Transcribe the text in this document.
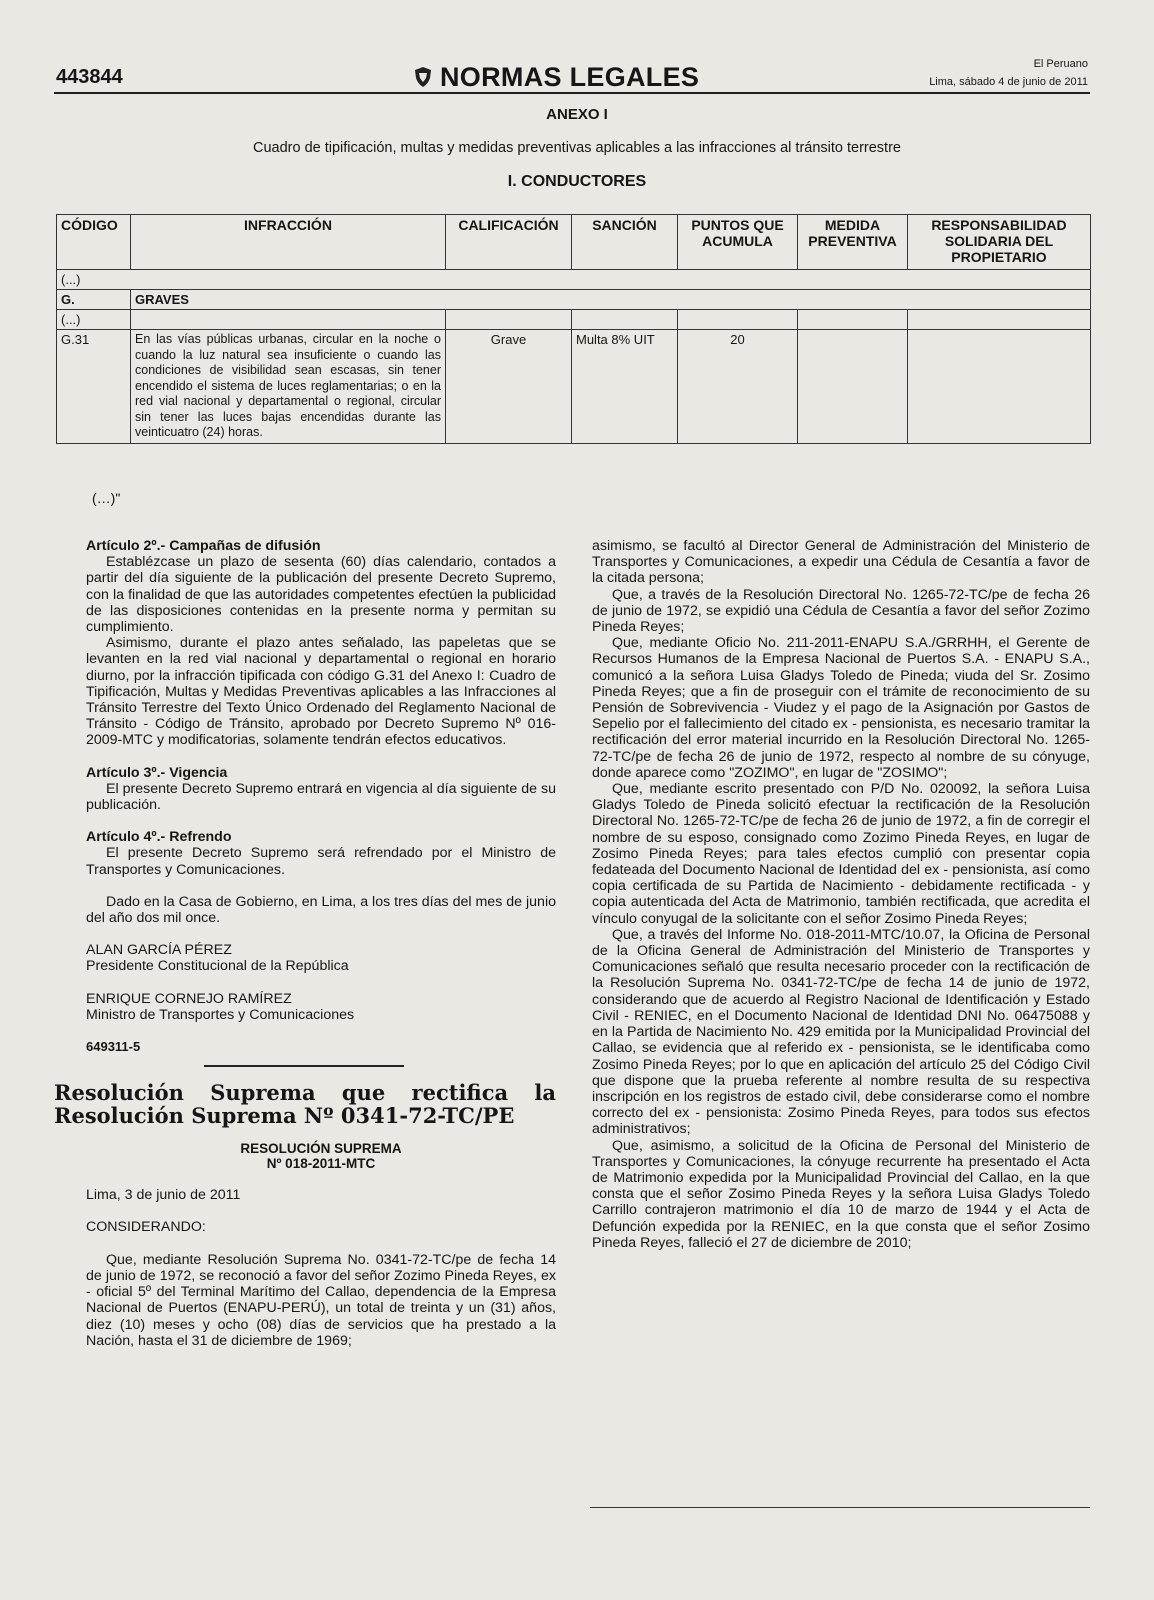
443844	NORMAS LEGALES	El Peruano
Lima, sábado 4 de junio de 2011
ANEXO I
Cuadro de tipificación, multas y medidas preventivas aplicables a las infracciones al tránsito terrestre
I. CONDUCTORES
CÓDIGO	INFRACCIÓN	CALIFICACIÓN	SANCIÓN	PUNTOS QUE ACUMULA	MEDIDA PREVENTIVA	RESPONSABILIDAD SOLIDARIA DEL PROPIETARIO
(...)						
G.	GRAVES					
(...)						
G.31	En las vías públicas urbanas, circular en la noche o cuando la luz natural sea insuficiente o cuando las condiciones de visibilidad sean escasas, sin tener encendido el sistema de luces reglamentarias; o en la red vial nacional y departamental o regional, circular sin tener las luces bajas encendidas durante las veinticuatro (24) horas.	Grave	Multa 8% UIT	20		
(…)"

Artículo 2º.- Campañas de difusión

Establézcase un plazo de sesenta (60) días calendario, contados a partir del día siguiente de la publicación del presente Decreto Supremo, con la finalidad de que las autoridades competentes efectúen la publicidad de las disposiciones contenidas en la presente norma y permitan su cumplimiento.

Asimismo, durante el plazo antes señalado, las papeletas que se levanten en la red vial nacional y departamental o regional en horario diurno, por la infracción tipificada con código G.31 del Anexo I: Cuadro de Tipificación, Multas y Medidas Preventivas aplicables a las Infracciones al Tránsito Terrestre del Texto Único Ordenado del Reglamento Nacional de Tránsito - Código de Tránsito, aprobado por Decreto Supremo Nº 016-2009-MTC y modificatorias, solamente tendrán efectos educativos.

Artículo 3º.- Vigencia

El presente Decreto Supremo entrará en vigencia al día siguiente de su publicación.

Artículo 4º.- Refrendo

El presente Decreto Supremo será refrendado por el Ministro de Transportes y Comunicaciones.

Dado en la Casa de Gobierno, en Lima, a los tres días del mes de junio del año dos mil once.

ALAN GARCÍA PÉREZ

Presidente Constitucional de la República

ENRIQUE CORNEJO RAMÍREZ

Ministro de Transportes y Comunicaciones

649311-5

Resolución Suprema que rectifica la Resolución Suprema Nº 0341-72-TC/PE
RESOLUCIÓN SUPREMA
Nº 018-2011-MTC

Lima, 3 de junio de 2011

CONSIDERANDO:

Que, mediante Resolución Suprema No. 0341-72-TC/pe de fecha 14 de junio de 1972, se reconoció a favor del señor Zozimo Pineda Reyes, ex - oficial 5º del Terminal Marítimo del Callao, dependencia de la Empresa Nacional de Puertos (ENAPU-PERÚ), un total de treinta y un (31) años, diez (10) meses y ocho (08) días de servicios que ha prestado a la Nación, hasta el 31 de diciembre de 1969;

asimismo, se facultó al Director General de Administración del Ministerio de Transportes y Comunicaciones, a expedir una Cédula de Cesantía a favor de la citada persona;

Que, a través de la Resolución Directoral No. 1265-72-TC/pe de fecha 26 de junio de 1972, se expidió una Cédula de Cesantía a favor del señor Zozimo Pineda Reyes;

Que, mediante Oficio No. 211-2011-ENAPU S.A./GRRHH, el Gerente de Recursos Humanos de la Empresa Nacional de Puertos S.A. - ENAPU S.A., comunicó a la señora Luisa Gladys Toledo de Pineda; viuda del Sr. Zosimo Pineda Reyes; que a fin de proseguir con el trámite de reconocimiento de su Pensión de Sobrevivencia - Viudez y el pago de la Asignación por Gastos de Sepelio por el fallecimiento del citado ex - pensionista, es necesario tramitar la rectificación del error material incurrido en la Resolución Directoral No. 1265-72-TC/pe de fecha 26 de junio de 1972, respecto al nombre de su cónyuge, donde aparece como "ZOZIMO", en lugar de "ZOSIMO";

Que, mediante escrito presentado con P/D No. 020092, la señora Luisa Gladys Toledo de Pineda solicitó efectuar la rectificación de la Resolución Directoral No. 1265-72-TC/pe de fecha 26 de junio de 1972, a fin de corregir el nombre de su esposo, consignado como Zozimo Pineda Reyes, en lugar de Zosimo Pineda Reyes; para tales efectos cumplió con presentar copia fedateada del Documento Nacional de Identidad del ex - pensionista, así como copia certificada de su Partida de Nacimiento - debidamente rectificada - y copia autenticada del Acta de Matrimonio, también rectificada, que acredita el vínculo conyugal de la solicitante con el señor Zosimo Pineda Reyes;

Que, a través del Informe No. 018-2011-MTC/10.07, la Oficina de Personal de la Oficina General de Administración del Ministerio de Transportes y Comunicaciones señaló que resulta necesario proceder con la rectificación de la Resolución Suprema No. 0341-72-TC/pe de fecha 14 de junio de 1972, considerando que de acuerdo al Registro Nacional de Identificación y Estado Civil - RENIEC, en el Documento Nacional de Identidad DNI No. 06475088 y en la Partida de Nacimiento No. 429 emitida por la Municipalidad Provincial del Callao, se evidencia que al referido ex - pensionista, se le identificaba como Zosimo Pineda Reyes; por lo que en aplicación del artículo 25 del Código Civil que dispone que la prueba referente al nombre resulta de su respectiva inscripción en los registros de estado civil, debe considerarse como el nombre correcto del ex - pensionista: Zosimo Pineda Reyes, para todos sus efectos administrativos;

Que, asimismo, a solicitud de la Oficina de Personal del Ministerio de Transportes y Comunicaciones, la cónyuge recurrente ha presentado el Acta de Matrimonio expedida por la Municipalidad Provincial del Callao, en la que consta que el señor Zosimo Pineda Reyes y la señora Luisa Gladys Toledo Carrillo contrajeron matrimonio el día 10 de marzo de 1944 y el Acta de Defunción expedida por la RENIEC, en la que consta que el señor Zosimo Pineda Reyes, falleció el 27 de diciembre de 2010;
